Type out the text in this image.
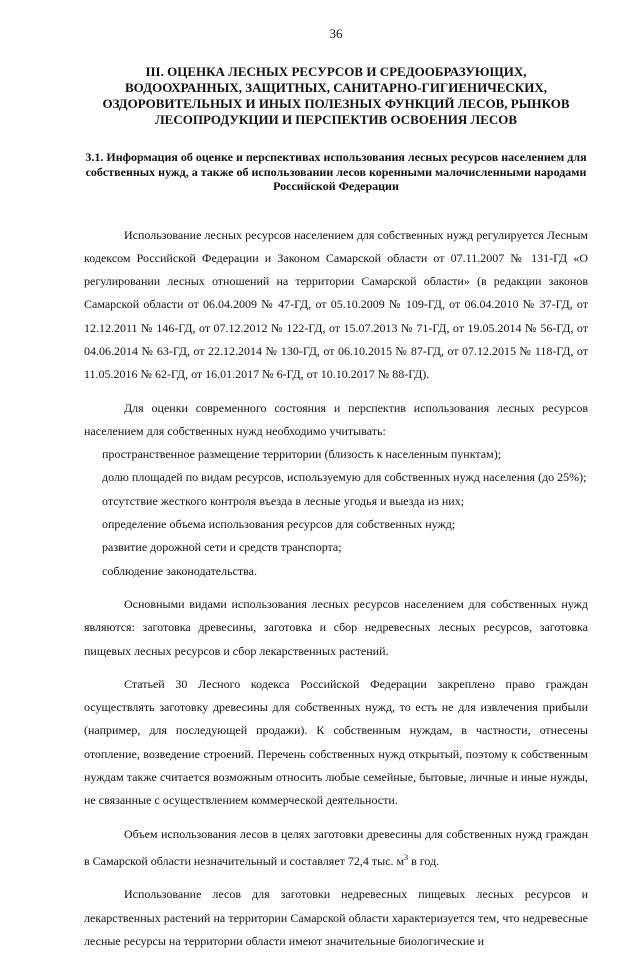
36
III. ОЦЕНКА ЛЕСНЫХ РЕСУРСОВ И СРЕДООБРАЗУЮЩИХ, ВОДООХРАННЫХ, ЗАЩИТНЫХ, САНИТАРНО-ГИГИЕНИЧЕСКИХ, ОЗДОРОВИТЕЛЬНЫХ И ИНЫХ ПОЛЕЗНЫХ ФУНКЦИЙ ЛЕСОВ, РЫНКОВ ЛЕСОПРОДУКЦИИ И ПЕРСПЕКТИВ ОСВОЕНИЯ ЛЕСОВ
3.1. Информация об оценке и перспективах использования лесных ресурсов населением для собственных нужд, а также об использовании лесов коренными малочисленными народами Российской Федерации

Использование лесных ресурсов населением для собственных нужд регулируется Лесным кодексом Российской Федерации и Законом Самарской области от 07.11.2007 № 131-ГД «О регулировании лесных отношений на территории Самарской области» (в редакции законов Самарской области от 06.04.2009 № 47-ГД, от 05.10.2009 № 109-ГД, от 06.04.2010 № 37-ГД, от 12.12.2011 № 146-ГД, от 07.12.2012 № 122-ГД, от 15.07.2013 № 71-ГД, от 19.05.2014 № 56-ГД, от 04.06.2014 № 63-ГД, от 22.12.2014 № 130-ГД, от 06.10.2015 № 87-ГД, от 07.12.2015 № 118-ГД, от 11.05.2016 № 62-ГД, от 16.01.2017 № 6-ГД, от 10.10.2017 № 88-ГД).

Для оценки современного состояния и перспектив использования лесных ресурсов населением для собственных нужд необходимо учитывать:

пространственное размещение территории (близость к населенным пунктам);

долю площадей по видам ресурсов, используемую для собственных нужд населения (до 25%);

отсутствие жесткого контроля въезда в лесные угодья и выезда из них;

определение объема использования ресурсов для собственных нужд;

развитие дорожной сети и средств транспорта;

соблюдение законодательства.

Основными видами использования лесных ресурсов населением для собственных нужд являются: заготовка древесины, заготовка и сбор недревесных лесных ресурсов, заготовка пищевых лесных ресурсов и сбор лекарственных растений.

Статьей 30 Лесного кодекса Российской Федерации закреплено право граждан осуществлять заготовку древесины для собственных нужд, то есть не для извлечения прибыли (например, для последующей продажи). К собственным нуждам, в частности, отнесены отопление, возведение строений. Перечень собственных нужд открытый, поэтому к собственным нуждам также считается возможным относить любые семейные, бытовые, личные и иные нужды, не связанные с осуществлением коммерческой деятельности.

Объем использования лесов в целях заготовки древесины для собственных нужд граждан в Самарской области незначительный и составляет 72,4 тыс. $м^3$ в год.

Использование лесов для заготовки недревесных пищевых лесных ресурсов и лекарственных растений на территории Самарской области характеризуется тем, что недревесные лесные ресурсы на территории области имеют значительные биологические и
